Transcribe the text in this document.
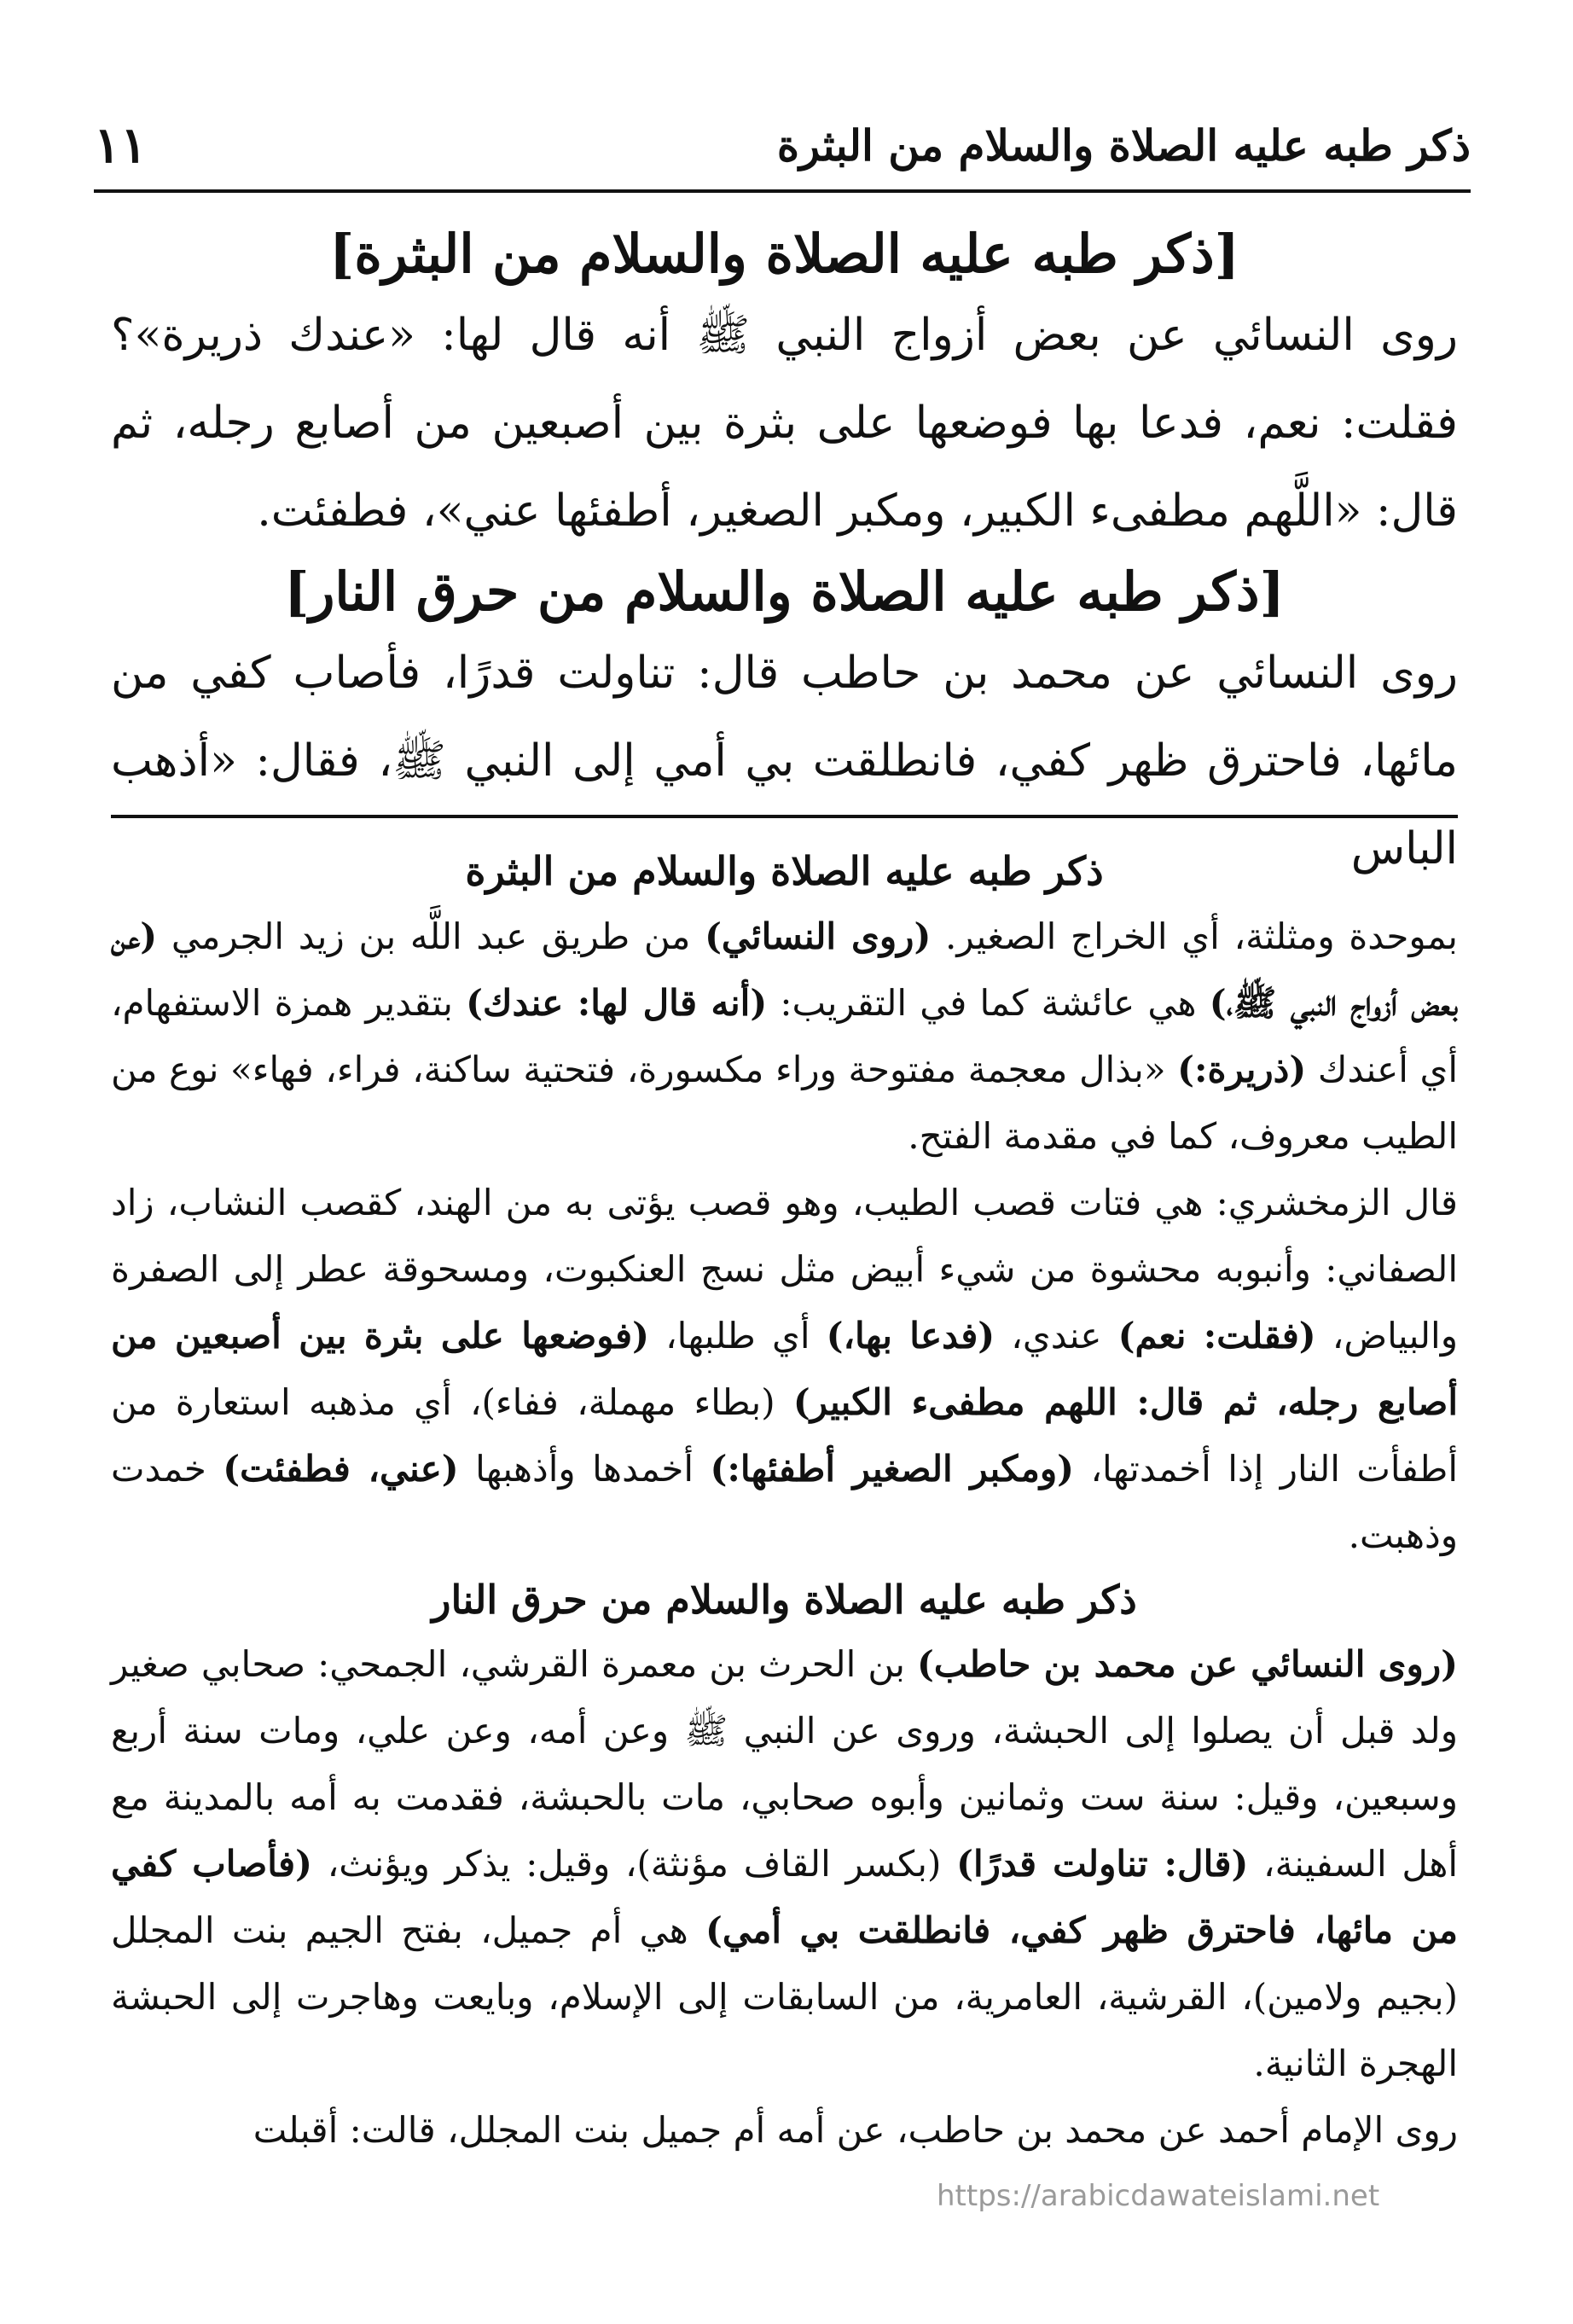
ذكر طبه عليه الصلاة والسلام من البثرة
١١
[ذكر طبه عليه الصلاة والسلام من البثرة]

روى النسائي عن بعض أزواج النبي ﷺ أنه قال لها: «عندك ذريرة»؟ فقلت: نعم، فدعا بها فوضعها على بثرة بين أصبعين من أصابع رجله، ثم قال: «اللَّهم مطفىء الكبير، ومكبر الصغير، أطفئها عني»، فطفئت.

[ذكر طبه عليه الصلاة والسلام من حرق النار]

روى النسائي عن محمد بن حاطب قال: تناولت قدرًا، فأصاب كفي من مائها، فاحترق ظهر كفي، فانطلقت بي أمي إلى النبي ﷺ، فقال: «أذهب الباس

ذكر طبه عليه الصلاة والسلام من البثرة

بموحدة ومثلثة، أي الخراج الصغير. (روى النسائي) من طريق عبد اللَّه بن زيد الجرمي (عن بعض أزواج النبي ﷺ،) هي عائشة كما في التقريب: (أنه قال لها: عندك) بتقدير همزة الاستفهام، أي أعندك (ذريرة:) «بذال معجمة مفتوحة وراء مكسورة، فتحتية ساكنة، فراء، فهاء» نوع من الطيب معروف، كما في مقدمة الفتح.

قال الزمخشري: هي فتات قصب الطيب، وهو قصب يؤتى به من الهند، كقصب النشاب، زاد الصفاني: وأنبوبه محشوة من شيء أبيض مثل نسج العنكبوت، ومسحوقة عطر إلى الصفرة والبياض، (فقلت: نعم) عندي، (فدعا بها،) أي طلبها، (فوضعها على بثرة بين أصبعين من أصابع رجله، ثم قال: اللهم مطفىء الكبير) (بطاء مهملة، ففاء)، أي مذهبه استعارة من أطفأت النار إذا أخمدتها، (ومكبر الصغير أطفئها:) أخمدها وأذهبها (عني، فطفئت) خمدت وذهبت.

ذكر طبه عليه الصلاة والسلام من حرق النار

(روى النسائي عن محمد بن حاطب) بن الحرث بن معمرة القرشي، الجمحي: صحابي صغير ولد قبل أن يصلوا إلى الحبشة، وروى عن النبي ﷺ وعن أمه، وعن علي، ومات سنة أربع وسبعين، وقيل: سنة ست وثمانين وأبوه صحابي، مات بالحبشة، فقدمت به أمه بالمدينة مع أهل السفينة، (قال: تناولت قدرًا) (بكسر القاف مؤنثة)، وقيل: يذكر ويؤنث، (فأصاب كفي من مائها، فاحترق ظهر كفي، فانطلقت بي أمي) هي أم جميل، بفتح الجيم بنت المجلل (بجيم ولامين)، القرشية، العامرية، من السابقات إلى الإسلام، وبايعت وهاجرت إلى الحبشة الهجرة الثانية.

روى الإمام أحمد عن محمد بن حاطب، عن أمه أم جميل بنت المجلل، قالت: أقبلت

https://arabicdawateislami.net
